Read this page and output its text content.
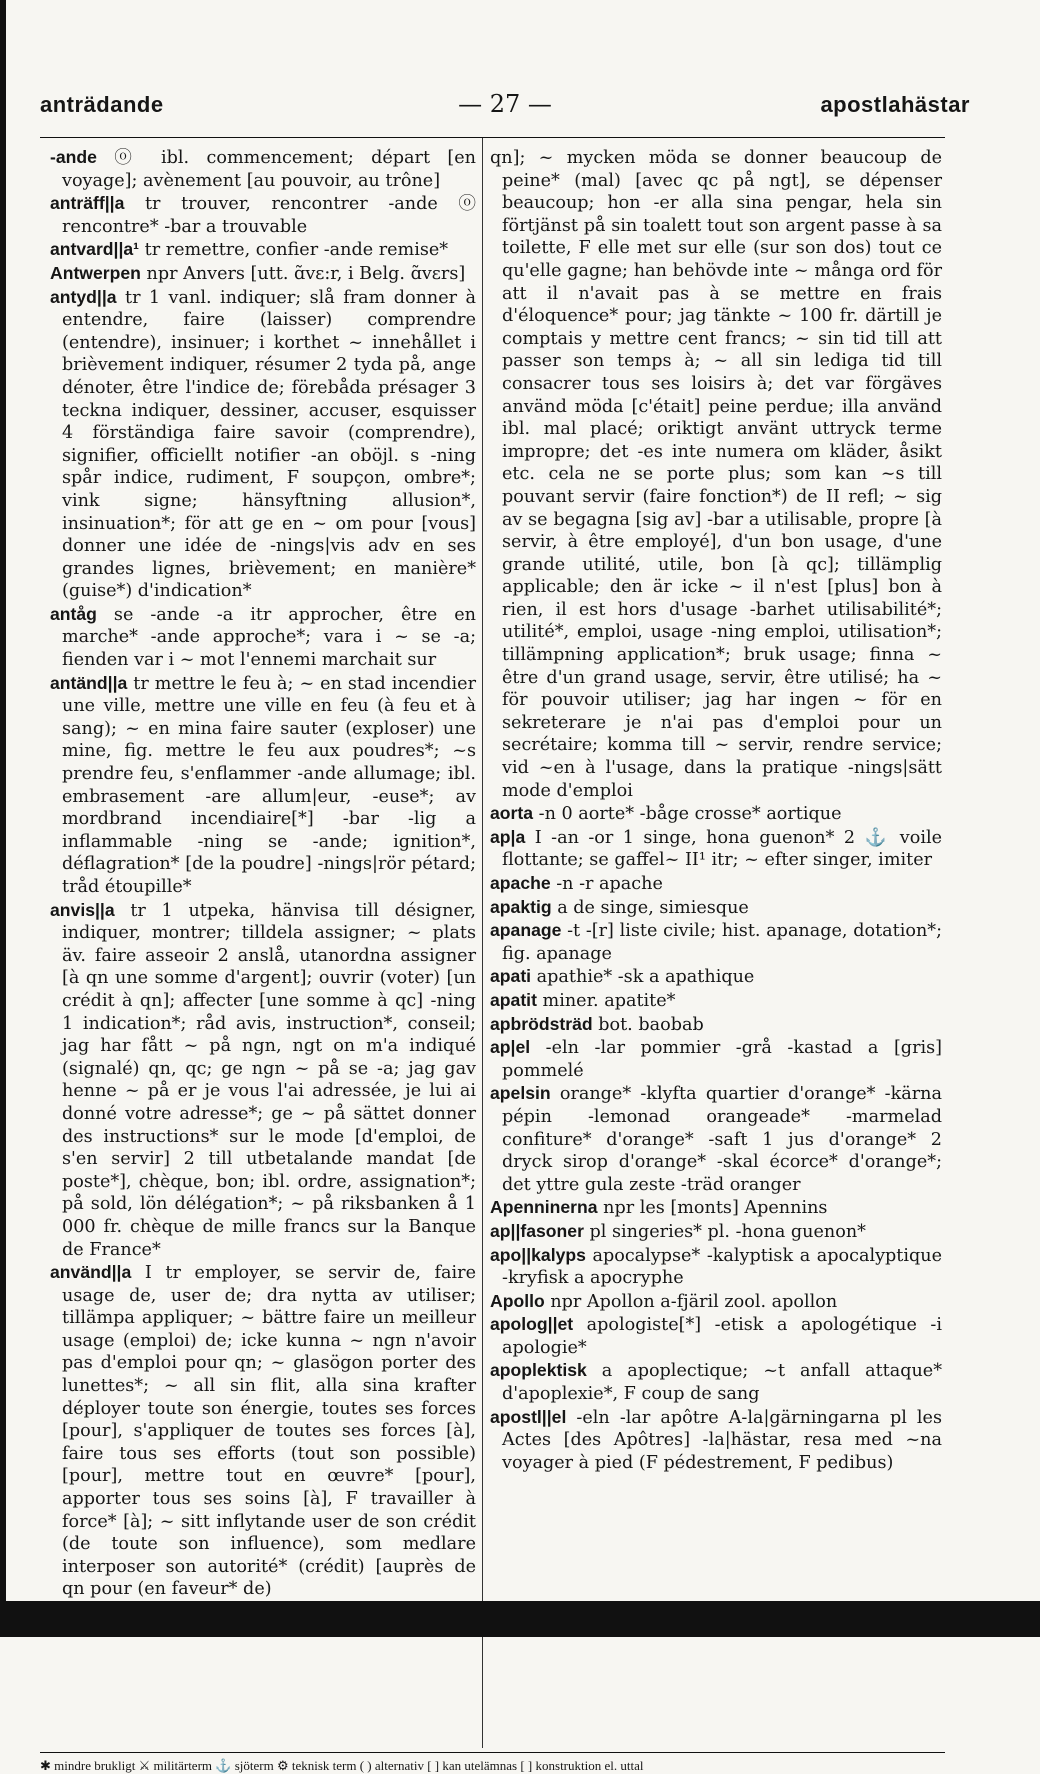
anträdande	— 27 —	apostlahästar
-ande ⓞ ibl. commencement; départ [en voyage]; avènement [au pouvoir, au trône]
anträff||a tr trouver, rencontrer -ande ⓞ rencontre* -bar a trouvable
antvard||a¹ tr remettre, confier -ande remise*
Antwerpen npr Anvers [utt. ɑ̃vɛ:r, i Belg. ɑ̃vɛrs]
antyd||a tr 1 vanl. indiquer; slå fram donner à entendre, faire (laisser) comprendre (entendre), insinuer; i korthet ~ innehållet i brièvement indiquer, résumer 2 tyda på, ange dénoter, être l'indice de; förebåda présager 3 teckna indiquer, dessiner, accuser, esquisser 4 förständiga faire savoir (comprendre), signifier, officiellt notifier -an oböjl. s -ning spår indice, rudiment, F soupçon, ombre*; vink signe; hänsyftning allusion*, insinuation*; för att ge en ~ om pour [vous] donner une idée de -nings|vis adv en ses grandes lignes, brièvement; en manière* (guise*) d'indication*
antåg se -ande -a itr approcher, être en marche* -ande approche*; vara i ~ se -a; fienden var i ~ mot l'ennemi marchait sur
antänd||a tr mettre le feu à; ~ en stad incendier une ville, mettre une ville en feu (à feu et à sang); ~ en mina faire sauter (exploser) une mine, fig. mettre le feu aux poudres*; ~s prendre feu, s'enflammer -ande allumage; ibl. embrasement -are allum|eur, -euse*; av mordbrand incendiaire[*] -bar -lig a inflammable -ning se -ande; ignition*, déflagration* [de la poudre] -nings|rör pétard; tråd étoupille*
anvis||a tr 1 utpeka, hänvisa till désigner, indiquer, montrer; tilldela assigner; ~ plats äv. faire asseoir 2 anslå, utanordna assigner [à qn une somme d'argent]; ouvrir (voter) [un crédit à qn]; affecter [une somme à qc] -ning 1 indication*; råd avis, instruction*, conseil; jag har fått ~ på ngn, ngt on m'a indiqué (signalé) qn, qc; ge ngn ~ på se -a; jag gav henne ~ på er je vous l'ai adressée, je lui ai donné votre adresse*; ge ~ på sättet donner des instructions* sur le mode [d'emploi, de s'en servir] 2 till utbetalande mandat [de poste*], chèque, bon; ibl. ordre, assignation*; på sold, lön délégation*; ~ på riksbanken å 1 000 fr. chèque de mille francs sur la Banque de France*
använd||a I tr employer, se servir de, faire usage de, user de; dra nytta av utiliser; tillämpa appliquer; ~ bättre faire un meilleur usage (emploi) de; icke kunna ~ ngn n'avoir pas d'emploi pour qn; ~ glasögon porter des lunettes*; ~ all sin flit, alla sina krafter déployer toute son énergie, toutes ses forces [pour], s'appliquer de toutes ses forces [à], faire tous ses efforts (tout son possible) [pour], mettre tout en œuvre* [pour], apporter tous ses soins [à], F travailler à force* [à]; ~ sitt inflytande user de son crédit (de toute son influence), som medlare interposer son autorité* (crédit) [auprès de qn pour (en faveur* de)
qn]; ~ mycken möda se donner beaucoup de peine* (mal) [avec qc på ngt], se dépenser beaucoup; hon -er alla sina pengar, hela sin förtjänst på sin toalett tout son argent passe à sa toilette, F elle met sur elle (sur son dos) tout ce qu'elle gagne; han behövde inte ~ många ord för att il n'avait pas à se mettre en frais d'éloquence* pour; jag tänkte ~ 100 fr. därtill je comptais y mettre cent francs; ~ sin tid till att passer son temps à; ~ all sin lediga tid till consacrer tous ses loisirs à; det var förgäves använd möda [c'était] peine perdue; illa använd ibl. mal placé; oriktigt använt uttryck terme impropre; det -es inte numera om kläder, åsikt etc. cela ne se porte plus; som kan ~s till pouvant servir (faire fonction*) de II refl; ~ sig av se begagna [sig av] -bar a utilisable, propre [à servir, à être employé], d'un bon usage, d'une grande utilité, utile, bon [à qc]; tillämplig applicable; den är icke ~ il n'est [plus] bon à rien, il est hors d'usage -barhet utilisabilité*; utilité*, emploi, usage -ning emploi, utilisation*; tillämpning application*; bruk usage; finna ~ être d'un grand usage, servir, être utilisé; ha ~ för pouvoir utiliser; jag har ingen ~ för en sekreterare je n'ai pas d'emploi pour un secrétaire; komma till ~ servir, rendre service; vid ~en à l'usage, dans la pratique -nings|sätt mode d'emploi
aorta -n 0 aorte* -båge crosse* aortique
ap|a I -an -or 1 singe, hona guenon* 2 ⚓ voile flottante; se gaffel~ II¹ itr; ~ efter singer, imiter
apache -n -r apache
apaktig a de singe, simiesque
apanage -t -[r] liste civile; hist. apanage, dotation*; fig. apanage
apati apathie* -sk a apathique
apatit miner. apatite*
apbrödsträd bot. baobab
ap|el -eln -lar pommier -grå -kastad a [gris] pommelé
apelsin orange* -klyfta quartier d'orange* -kärna pépin -lemonad orangeade* -marmelad confiture* d'orange* -saft 1 jus d'orange* 2 dryck sirop d'orange* -skal écorce* d'orange*; det yttre gula zeste -träd oranger
Apenninerna npr les [monts] Apennins
ap||fasoner pl singeries* pl. -hona guenon*
apo||kalyps apocalypse* -kalyptisk a apocalyptique -kryfisk a apocryphe
Apollo npr Apollon a-fjäril zool. apollon
apolog||et apologiste[*] -etisk a apologétique -i apologie*
apoplektisk a apoplectique; ~t anfall attaque* d'apoplexie*, F coup de sang
apostl||el -eln -lar apôtre A-la|gärningarna pl les Actes [des Apôtres] -la|hästar, resa med ~na voyager à pied (F pédestrement, F pedibus)
✱ mindre brukligt ⚔ militärterm ⚓ sjöterm ⚙ teknisk term ( ) alternativ [ ] kan utelämnas [ ] konstruktion el. uttal
